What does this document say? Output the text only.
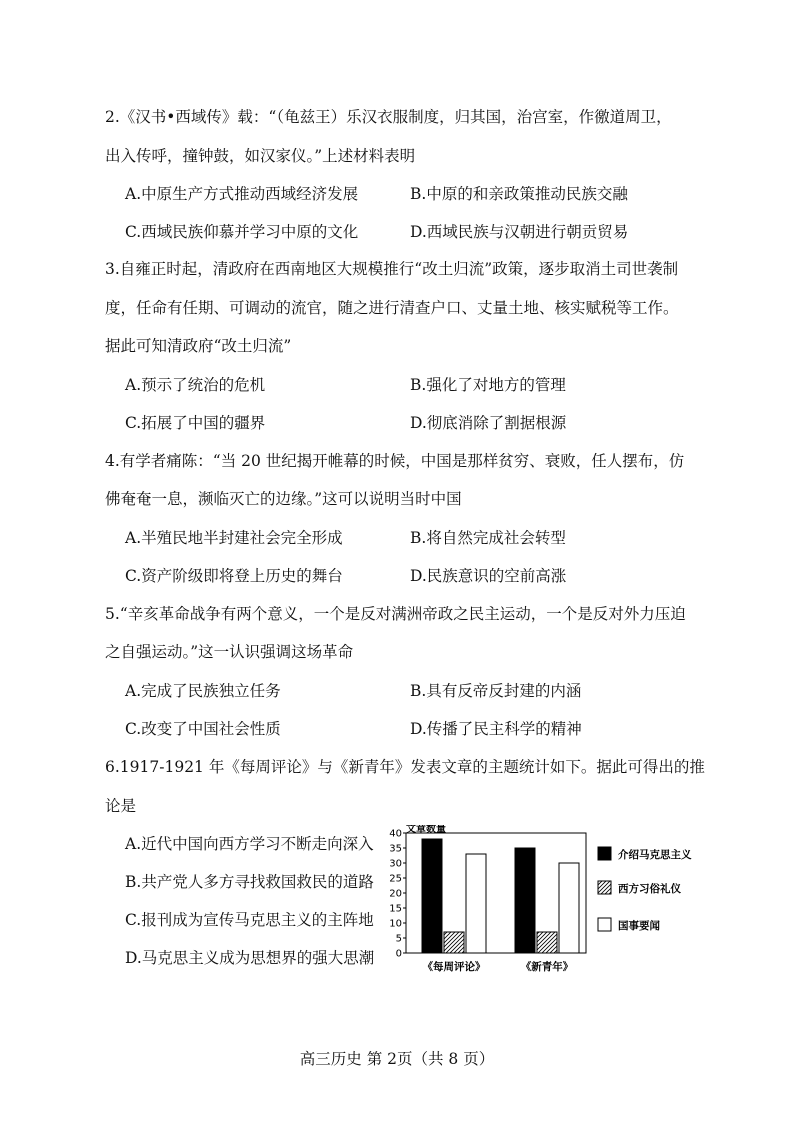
2.《汉书•西域传》载：“（龟兹王）乐汉衣服制度，归其国，治宫室，作徼道周卫，
出入传呼，撞钟鼓，如汉家仪。”上述材料表明
A.中原生产方式推动西域经济发展	B.中原的和亲政策推动民族交融
C.西域民族仰慕并学习中原的文化	D.西域民族与汉朝进行朝贡贸易
3.自雍正时起，清政府在西南地区大规模推行“改土归流”政策，逐步取消土司世袭制
度，任命有任期、可调动的流官，随之进行清查户口、丈量土地、核实赋税等工作。
据此可知清政府“改土归流”
A.预示了统治的危机	B.强化了对地方的管理
C.拓展了中国的疆界	D.彻底消除了割据根源
4.有学者痛陈：“当 20 世纪揭开帷幕的时候，中国是那样贫穷、衰败，任人摆布，仿
佛奄奄一息，濒临灭亡的边缘。”这可以说明当时中国
A.半殖民地半封建社会完全形成	B.将自然完成社会转型
C.资产阶级即将登上历史的舞台	D.民族意识的空前高涨
5.“辛亥革命战争有两个意义，一个是反对满洲帝政之民主运动，一个是反对外力压迫
之自强运动。”这一认识强调这场革命
A.完成了民族独立任务	B.具有反帝反封建的内涵
C.改变了中国社会性质	D.传播了民主科学的精神
6.1917-1921 年《每周评论》与《新青年》发表文章的主题统计如下。据此可得出的推
论是
A.近代中国向西方学习不断走向深入
B.共产党人多方寻找救国救民的道路
C.报刊成为宣传马克思主义的主阵地
D.马克思主义成为思想界的强大思潮
文章数量
0
5
10
15
20
25
30
35
40
《每周评论》	《新青年》
介绍马克思主义
西方习俗礼仪
国事要闻
高三历史 第 2页（共 8 页）
